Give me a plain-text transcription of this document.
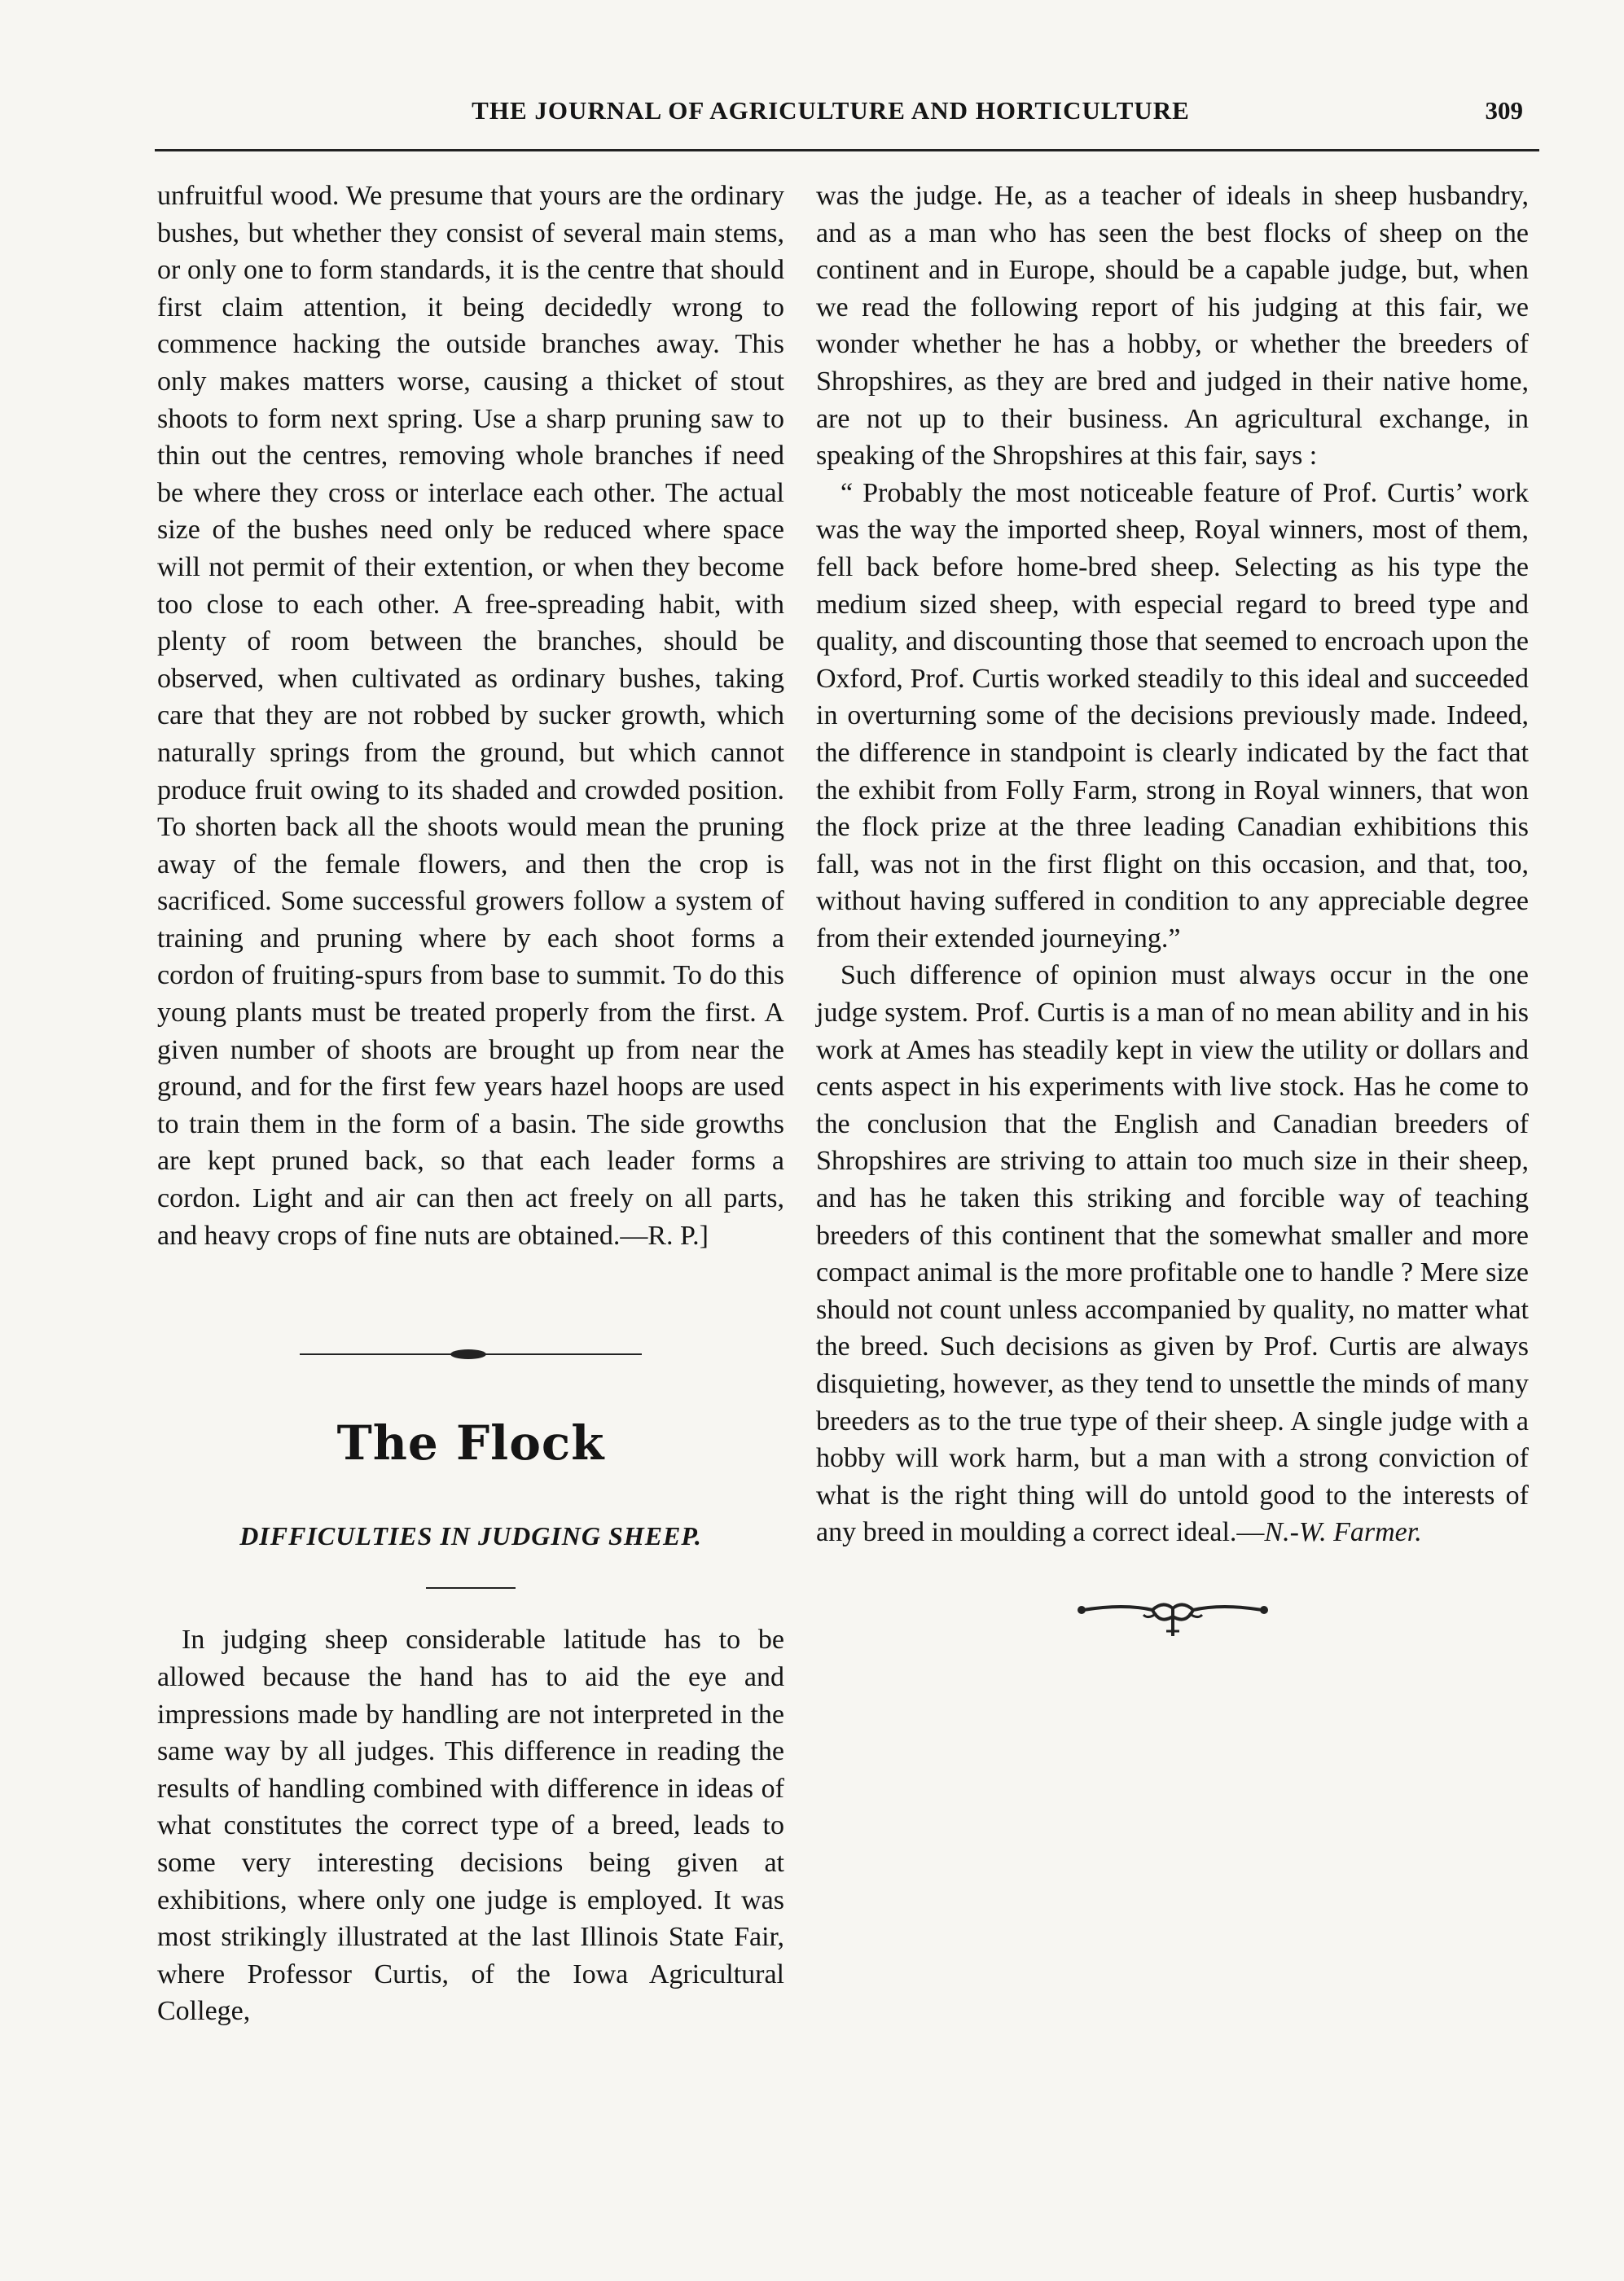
THE JOURNAL OF AGRICULTURE AND HORTICULTURE	309

unfruitful wood. We presume that yours are the ordinary bushes, but whether they consist of several main stems, or only one to form standards, it is the centre that should first claim attention, it being decidedly wrong to commence hacking the outside branches away. This only makes matters worse, causing a thicket of stout shoots to form next spring. Use a sharp pruning saw to thin out the centres, removing whole branches if need be where they cross or interlace each other. The actual size of the bushes need only be reduced where space will not permit of their extention, or when they become too close to each other. A free-spreading habit, with plenty of room between the branches, should be observed, when cultivated as ordinary bushes, taking care that they are not robbed by sucker growth, which naturally springs from the ground, but which cannot produce fruit owing to its shaded and crowded position. To shorten back all the shoots would mean the pruning away of the female flowers, and then the crop is sacrificed. Some successful growers follow a system of training and pruning where by each shoot forms a cordon of fruiting-spurs from base to summit. To do this young plants must be treated properly from the first. A given number of shoots are brought up from near the ground, and for the first few years hazel hoops are used to train them in the form of a basin. The side growths are kept pruned back, so that each leader forms a cordon. Light and air can then act freely on all parts, and heavy crops of fine nuts are obtained.—R. P.]

The Flock
DIFFICULTIES IN JUDGING SHEEP.

In judging sheep considerable latitude has to be allowed because the hand has to aid the eye and impressions made by handling are not interpreted in the same way by all judges. This difference in reading the results of handling combined with difference in ideas of what constitutes the correct type of a breed, leads to some very interesting decisions being given at exhibitions, where only one judge is employed. It was most strikingly illustrated at the last Illinois State Fair, where Professor Curtis, of the Iowa Agricultural College,

was the judge. He, as a teacher of ideals in sheep husbandry, and as a man who has seen the best flocks of sheep on the continent and in Europe, should be a capable judge, but, when we read the following report of his judging at this fair, we wonder whether he has a hobby, or whether the breeders of Shropshires, as they are bred and judged in their native home, are not up to their business. An agricultural exchange, in speaking of the Shropshires at this fair, says :

“ Probably the most noticeable feature of Prof. Curtis’ work was the way the imported sheep, Royal winners, most of them, fell back before home-bred sheep. Selecting as his type the medium sized sheep, with especial regard to breed type and quality, and discounting those that seemed to encroach upon the Oxford, Prof. Curtis worked steadily to this ideal and succeeded in overturning some of the decisions previously made. Indeed, the difference in standpoint is clearly indicated by the fact that the exhibit from Folly Farm, strong in Royal winners, that won the flock prize at the three leading Canadian exhibitions this fall, was not in the first flight on this occasion, and that, too, without having suffered in condition to any appreciable degree from their extended journeying.”

Such difference of opinion must always occur in the one judge system. Prof. Curtis is a man of no mean ability and in his work at Ames has steadily kept in view the utility or dollars and cents aspect in his experiments with live stock. Has he come to the conclusion that the English and Canadian breeders of Shropshires are striving to attain too much size in their sheep, and has he taken this striking and forcible way of teaching breeders of this continent that the somewhat smaller and more compact animal is the more profitable one to handle ? Mere size should not count unless accompanied by quality, no matter what the breed. Such decisions as given by Prof. Curtis are always disquieting, however, as they tend to unsettle the minds of many breeders as to the true type of their sheep. A single judge with a hobby will work harm, but a man with a strong conviction of what is the right thing will do untold good to the interests of any breed in moulding a correct ideal.—N.-W. Farmer.
